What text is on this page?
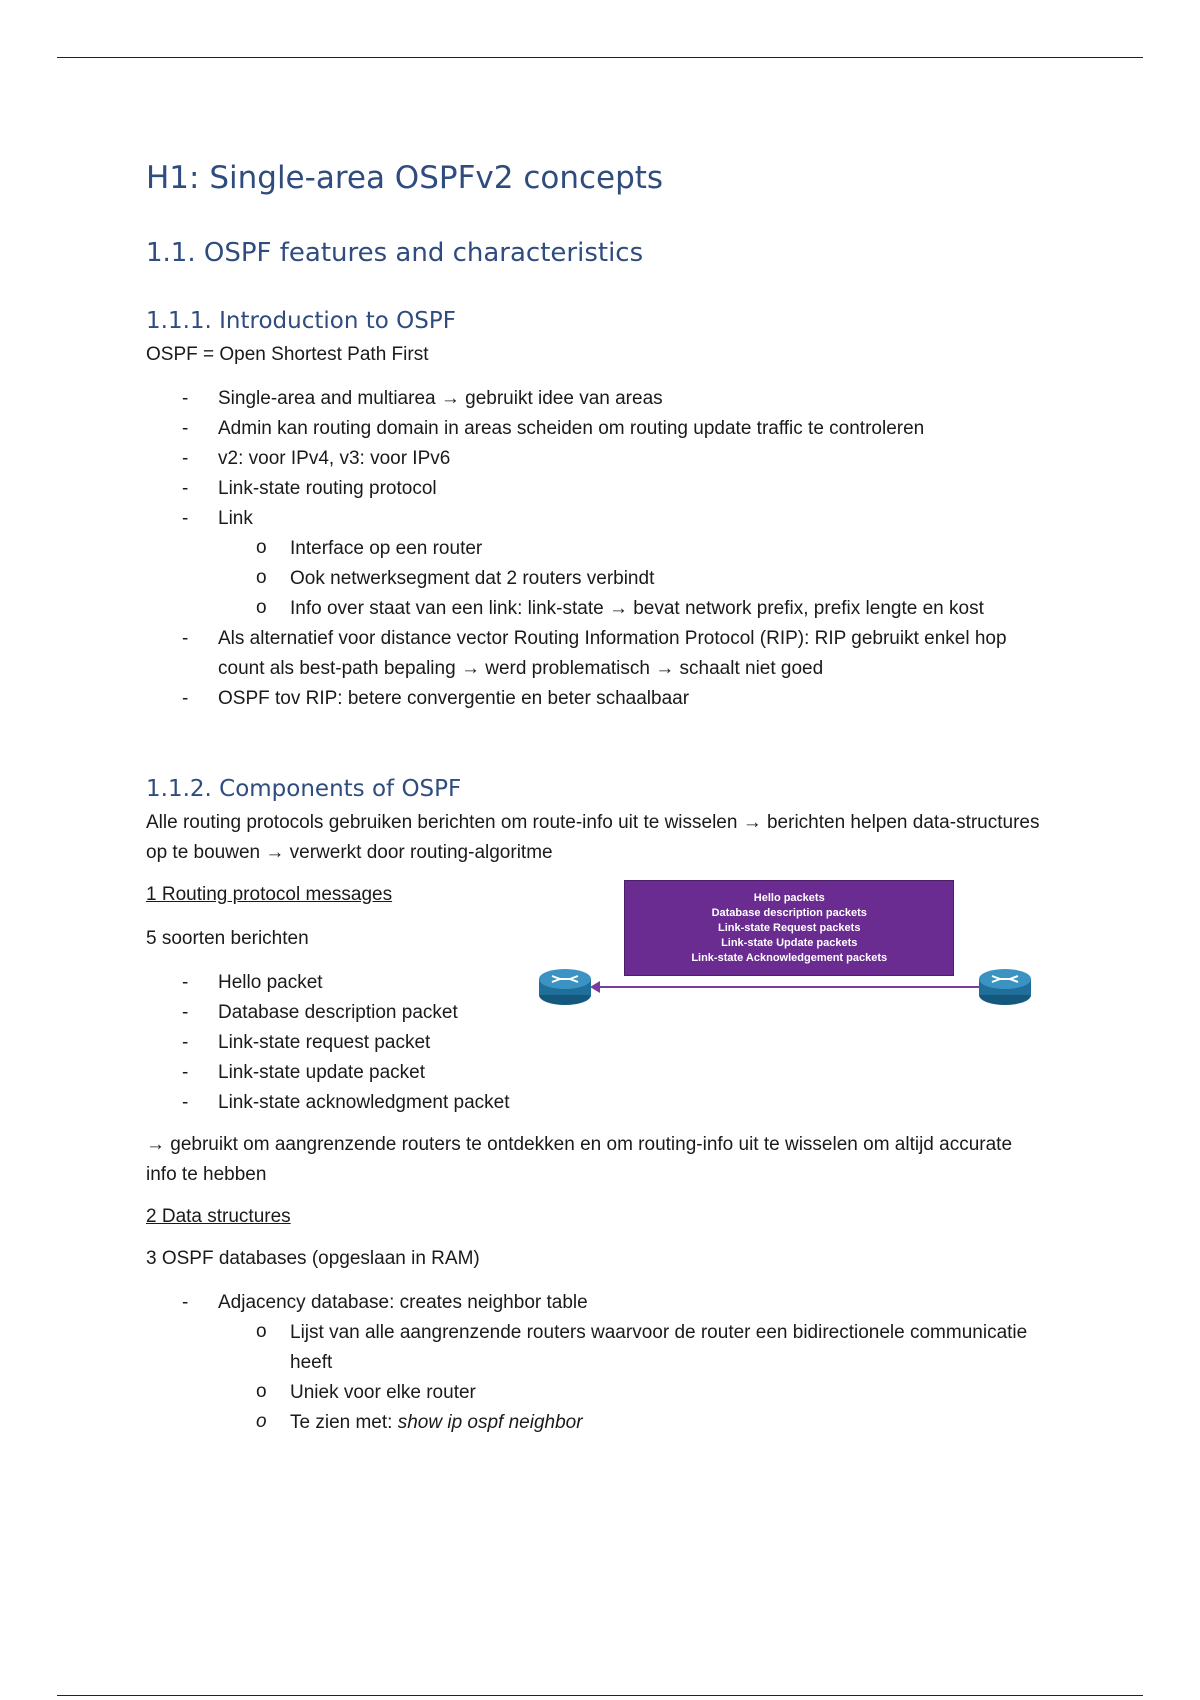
H1: Single-area OSPFv2 concepts
1.1. OSPF features and characteristics
1.1.1. Introduction to OSPF

OSPF = Open Shortest Path First

- Single-area and multiarea → gebruikt idee van areas
- Admin kan routing domain in areas scheiden om routing update traffic te controleren
- v2: voor IPv4, v3: voor IPv6
- Link-state routing protocol
- Link
o Interface op een router
o Ook netwerksegment dat 2 routers verbindt
o Info over staat van een link: link-state → bevat network prefix, prefix lengte en kost
- Als alternatief voor distance vector Routing Information Protocol (RIP): RIP gebruikt enkel hop count als best-path bepaling → werd problematisch → schaalt niet goed
- OSPF tov RIP: betere convergentie en beter schaalbaar
1.1.2. Components of OSPF

Alle routing protocols gebruiken berichten om route-info uit te wisselen → berichten helpen data-structures op te bouwen → verwerkt door routing-algoritme

1 Routing protocol messages

5 soorten berichten

- Hello packet
- Database description packet
- Link-state request packet
- Link-state update packet
- Link-state acknowledgment packet
Hello packets
Database description packets
Link-state Request packets
Link-state Update packets
Link-state Acknowledgement packets

→ gebruikt om aangrenzende routers te ontdekken en om routing-info uit te wisselen om altijd accurate info te hebben

2 Data structures

3 OSPF databases (opgeslaan in RAM)

- Adjacency database: creates neighbor table
o Lijst van alle aangrenzende routers waarvoor de router een bidirectionele communicatie heeft
o Uniek voor elke router
o Te zien met: show ip ospf neighbor
